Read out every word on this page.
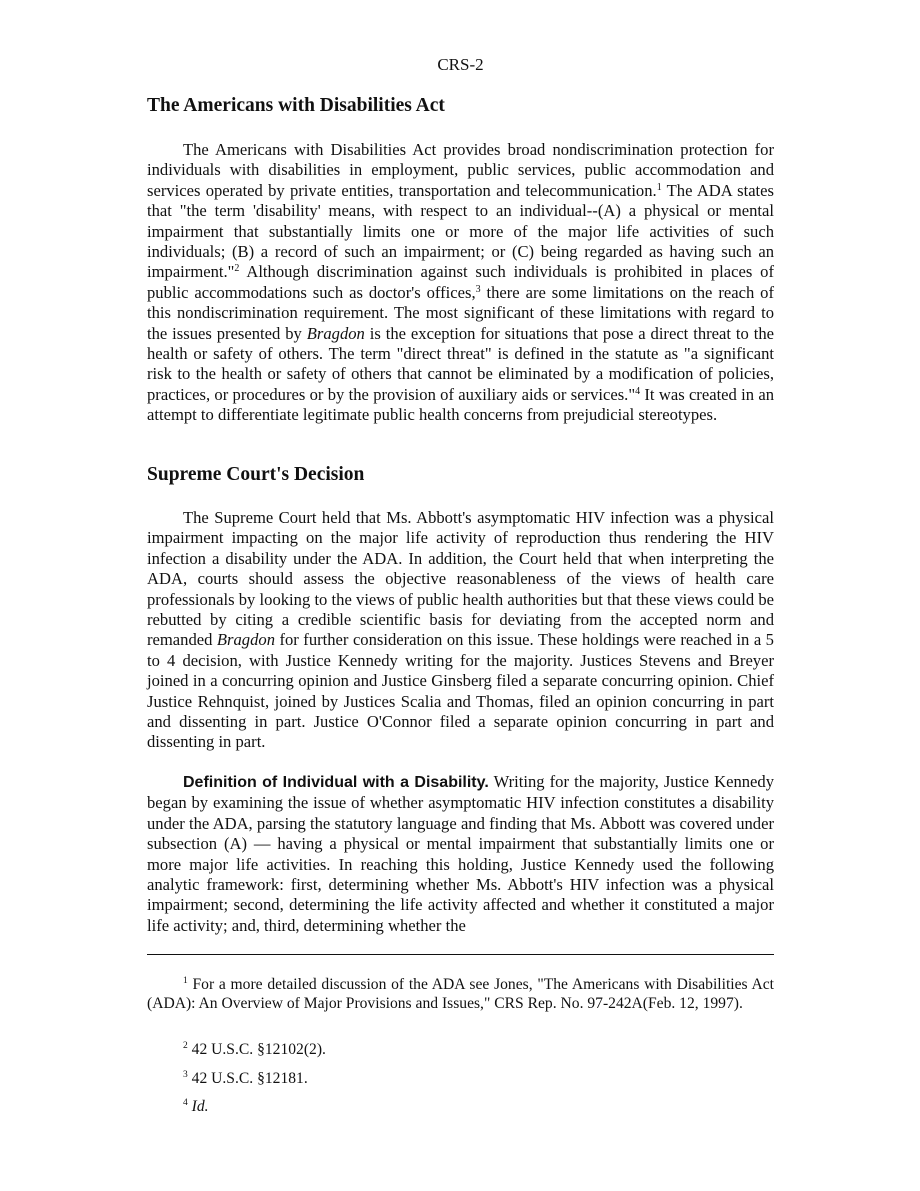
CRS-2
The Americans with Disabilities Act

The Americans with Disabilities Act provides broad nondiscrimination protection for individuals with disabilities in employment, public services, public accommodation and services operated by private entities, transportation and telecommunication.$^1$ The ADA states that "the term 'disability' means, with respect to an individual--(A) a physical or mental impairment that substantially limits one or more of the major life activities of such individuals; (B) a record of such an impairment; or (C) being regarded as having such an impairment."$^2$ Although discrimination against such individuals is prohibited in places of public accommodations such as doctor's offices,$^3$ there are some limitations on the reach of this nondiscrimination requirement. The most significant of these limitations with regard to the issues presented by Bragdon is the exception for situations that pose a direct threat to the health or safety of others. The term "direct threat" is defined in the statute as "a significant risk to the health or safety of others that cannot be eliminated by a modification of policies, practices, or procedures or by the provision of auxiliary aids or services."$^4$ It was created in an attempt to differentiate legitimate public health concerns from prejudicial stereotypes.

Supreme Court's Decision

The Supreme Court held that Ms. Abbott's asymptomatic HIV infection was a physical impairment impacting on the major life activity of reproduction thus rendering the HIV infection a disability under the ADA. In addition, the Court held that when interpreting the ADA, courts should assess the objective reasonableness of the views of health care professionals by looking to the views of public health authorities but that these views could be rebutted by citing a credible scientific basis for deviating from the accepted norm and remanded Bragdon for further consideration on this issue. These holdings were reached in a 5 to 4 decision, with Justice Kennedy writing for the majority. Justices Stevens and Breyer joined in a concurring opinion and Justice Ginsberg filed a separate concurring opinion. Chief Justice Rehnquist, joined by Justices Scalia and Thomas, filed an opinion concurring in part and dissenting in part. Justice O'Connor filed a separate opinion concurring in part and dissenting in part.

Definition of Individual with a Disability. Writing for the majority, Justice Kennedy began by examining the issue of whether asymptomatic HIV infection constitutes a disability under the ADA, parsing the statutory language and finding that Ms. Abbott was covered under subsection (A) — having a physical or mental impairment that substantially limits one or more major life activities. In reaching this holding, Justice Kennedy used the following analytic framework: first, determining whether Ms. Abbott's HIV infection was a physical impairment; second, determining the life activity affected and whether it constituted a major life activity; and, third, determining whether the

$^1$ For a more detailed discussion of the ADA see Jones, "The Americans with Disabilities Act (ADA): An Overview of Major Provisions and Issues," CRS Rep. No. 97-242A(Feb. 12, 1997).

$^2$ 42 U.S.C. §12102(2).

$^3$ 42 U.S.C. §12181.

$^4$ Id.
